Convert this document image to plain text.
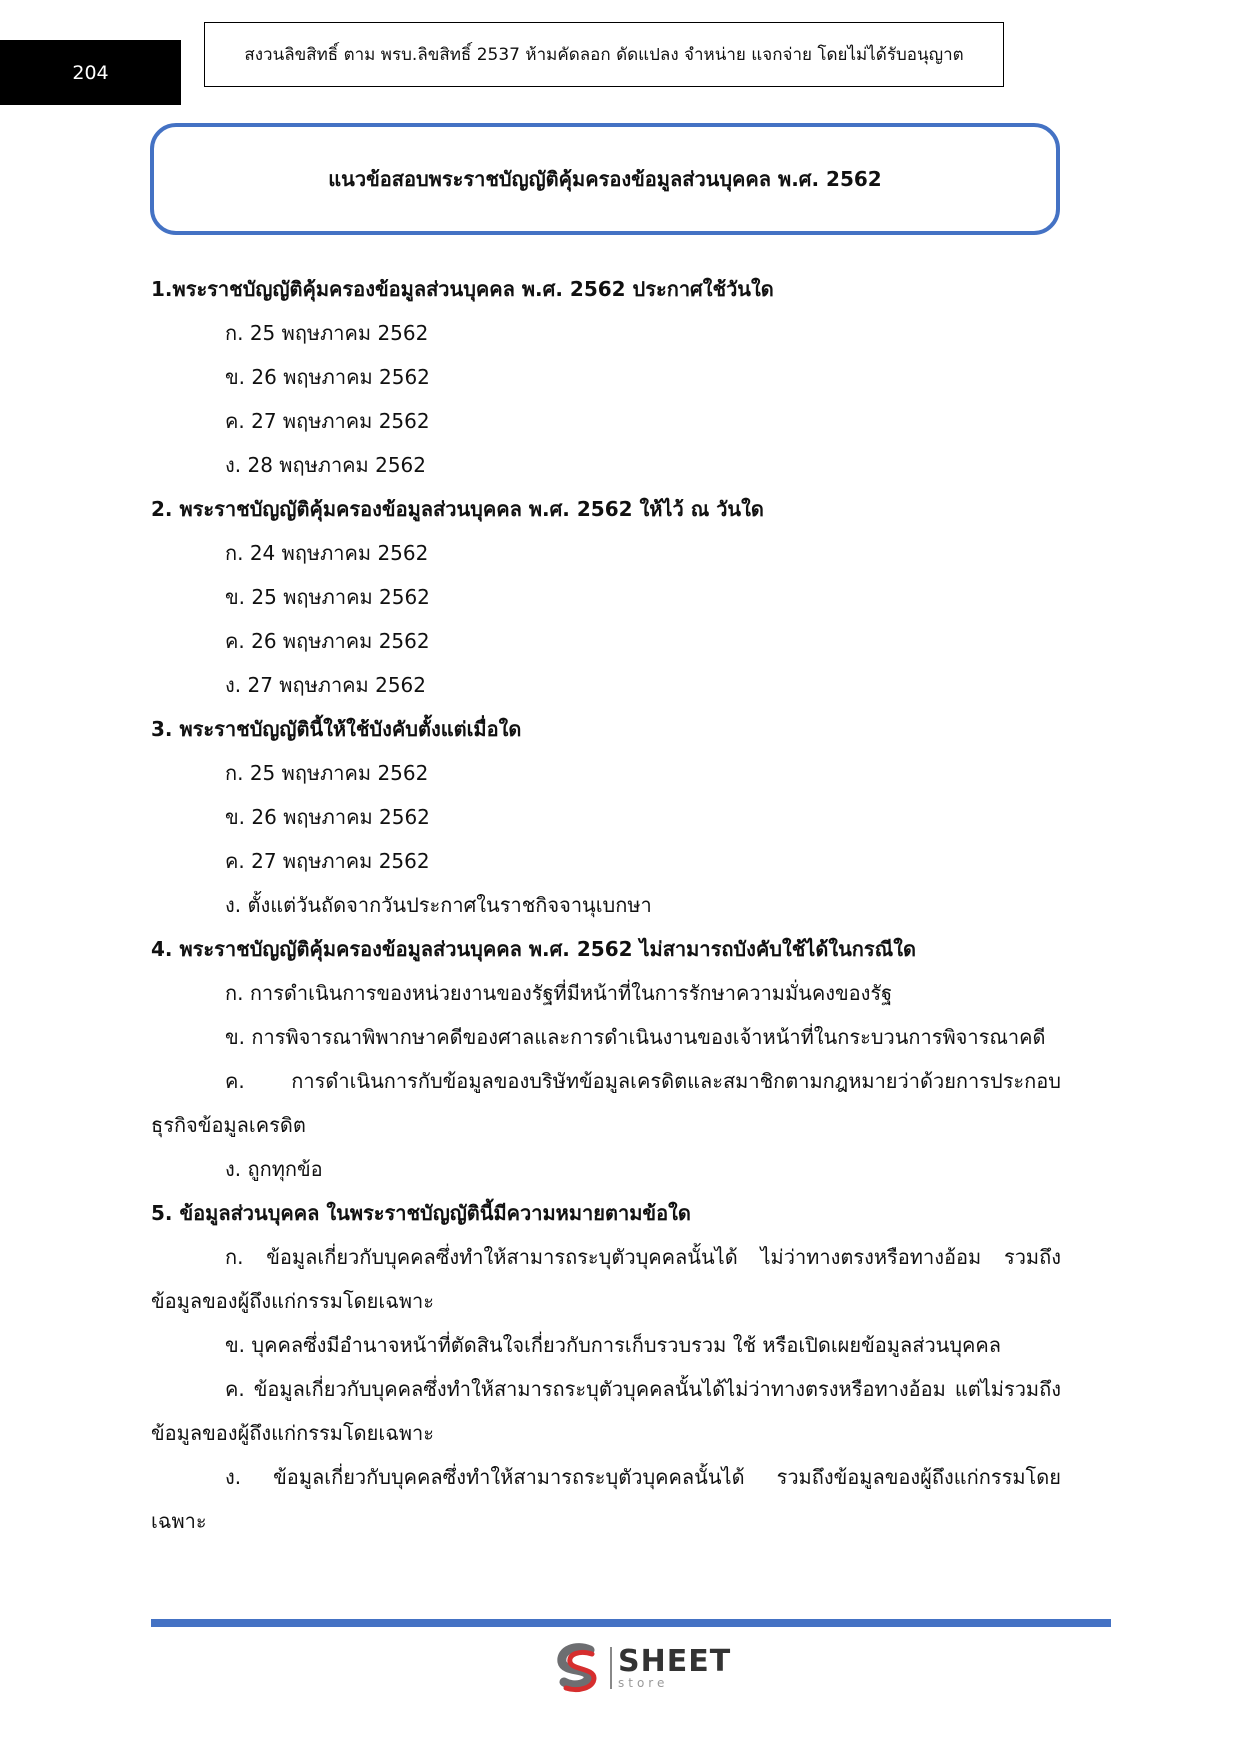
204
สงวนลิขสิทธิ์ ตาม พรบ.ลิขสิทธิ์ 2537 ห้ามคัดลอก ดัดแปลง จำหน่าย แจกจ่าย โดยไม่ได้รับอนุญาต
แนวข้อสอบพระราชบัญญัติคุ้มครองข้อมูลส่วนบุคคล พ.ศ. 2562
1.พระราชบัญญัติคุ้มครองข้อมูลส่วนบุคคล พ.ศ. 2562 ประกาศใช้วันใด
ก. 25 พฤษภาคม 2562
ข. 26 พฤษภาคม 2562
ค. 27 พฤษภาคม 2562
ง. 28 พฤษภาคม 2562
2. พระราชบัญญัติคุ้มครองข้อมูลส่วนบุคคล พ.ศ. 2562 ให้ไว้ ณ วันใด
ก. 24 พฤษภาคม 2562
ข. 25 พฤษภาคม 2562
ค. 26 พฤษภาคม 2562
ง. 27 พฤษภาคม 2562
3. พระราชบัญญัตินี้ให้ใช้บังคับตั้งแต่เมื่อใด
ก. 25 พฤษภาคม 2562
ข. 26 พฤษภาคม 2562
ค. 27 พฤษภาคม 2562
ง. ตั้งแต่วันถัดจากวันประกาศในราชกิจจานุเบกษา
4. พระราชบัญญัติคุ้มครองข้อมูลส่วนบุคคล พ.ศ. 2562 ไม่สามารถบังคับใช้ได้ในกรณีใด
ก. การดำเนินการของหน่วยงานของรัฐที่มีหน้าที่ในการรักษาความมั่นคงของรัฐ

ข. การพิจารณาพิพากษาคดีของศาลและการดำเนินงานของเจ้าหน้าที่ในกระบวนการพิจารณาคดี

ค. การดำเนินการกับข้อมูลของบริษัทข้อมูลเครดิตและสมาชิกตามกฎหมายว่าด้วยการประกอบธุรกิจข้อมูลเครดิต

ง. ถูกทุกข้อ
5. ข้อมูลส่วนบุคคล ในพระราชบัญญัตินี้มีความหมายตามข้อใด

ก. ข้อมูลเกี่ยวกับบุคคลซึ่งทำให้สามารถระบุตัวบุคคลนั้นได้ ไม่ว่าทางตรงหรือทางอ้อม รวมถึงข้อมูลของผู้ถึงแก่กรรมโดยเฉพาะ

ข. บุคคลซึ่งมีอำนาจหน้าที่ตัดสินใจเกี่ยวกับการเก็บรวบรวม ใช้ หรือเปิดเผยข้อมูลส่วนบุคคล

ค. ข้อมูลเกี่ยวกับบุคคลซึ่งทำให้สามารถระบุตัวบุคคลนั้นได้ไม่ว่าทางตรงหรือทางอ้อม แต่ไม่รวมถึงข้อมูลของผู้ถึงแก่กรรมโดยเฉพาะ

ง. ข้อมูลเกี่ยวกับบุคคลซึ่งทำให้สามารถระบุตัวบุคคลนั้นได้ รวมถึงข้อมูลของผู้ถึงแก่กรรมโดยเฉพาะ

SHEET
store
